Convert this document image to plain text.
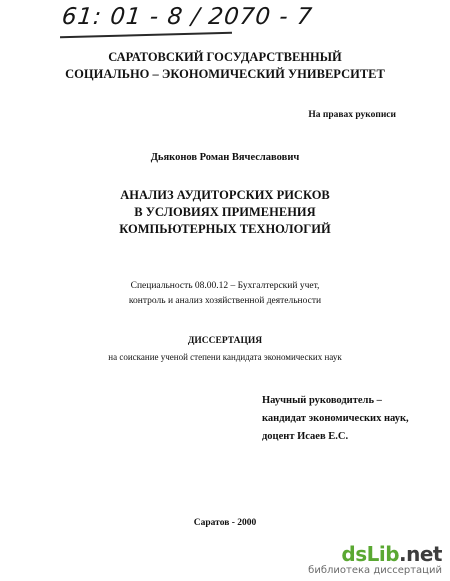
61: 01 - 8 / 2070 - 7
САРАТОВСКИЙ ГОСУДАРСТВЕННЫЙ
СОЦИАЛЬНО – ЭКОНОМИЧЕСКИЙ УНИВЕРСИТЕТ
На правах рукописи
Дьяконов Роман Вячеславович
АНАЛИЗ АУДИТОРСКИХ РИСКОВ
В УСЛОВИЯХ ПРИМЕНЕНИЯ
КОМПЬЮТЕРНЫХ ТЕХНОЛОГИЙ
Специальность 08.00.12 – Бухгалтерский учет,
контроль и анализ хозяйственной деятельности
ДИССЕРТАЦИЯ
на соискание ученой степени кандидата экономических наук
Научный руководитель –
кандидат экономических наук,
доцент Исаев Е.С.
Саратов - 2000
dsLib.net
библиотека диссертаций
